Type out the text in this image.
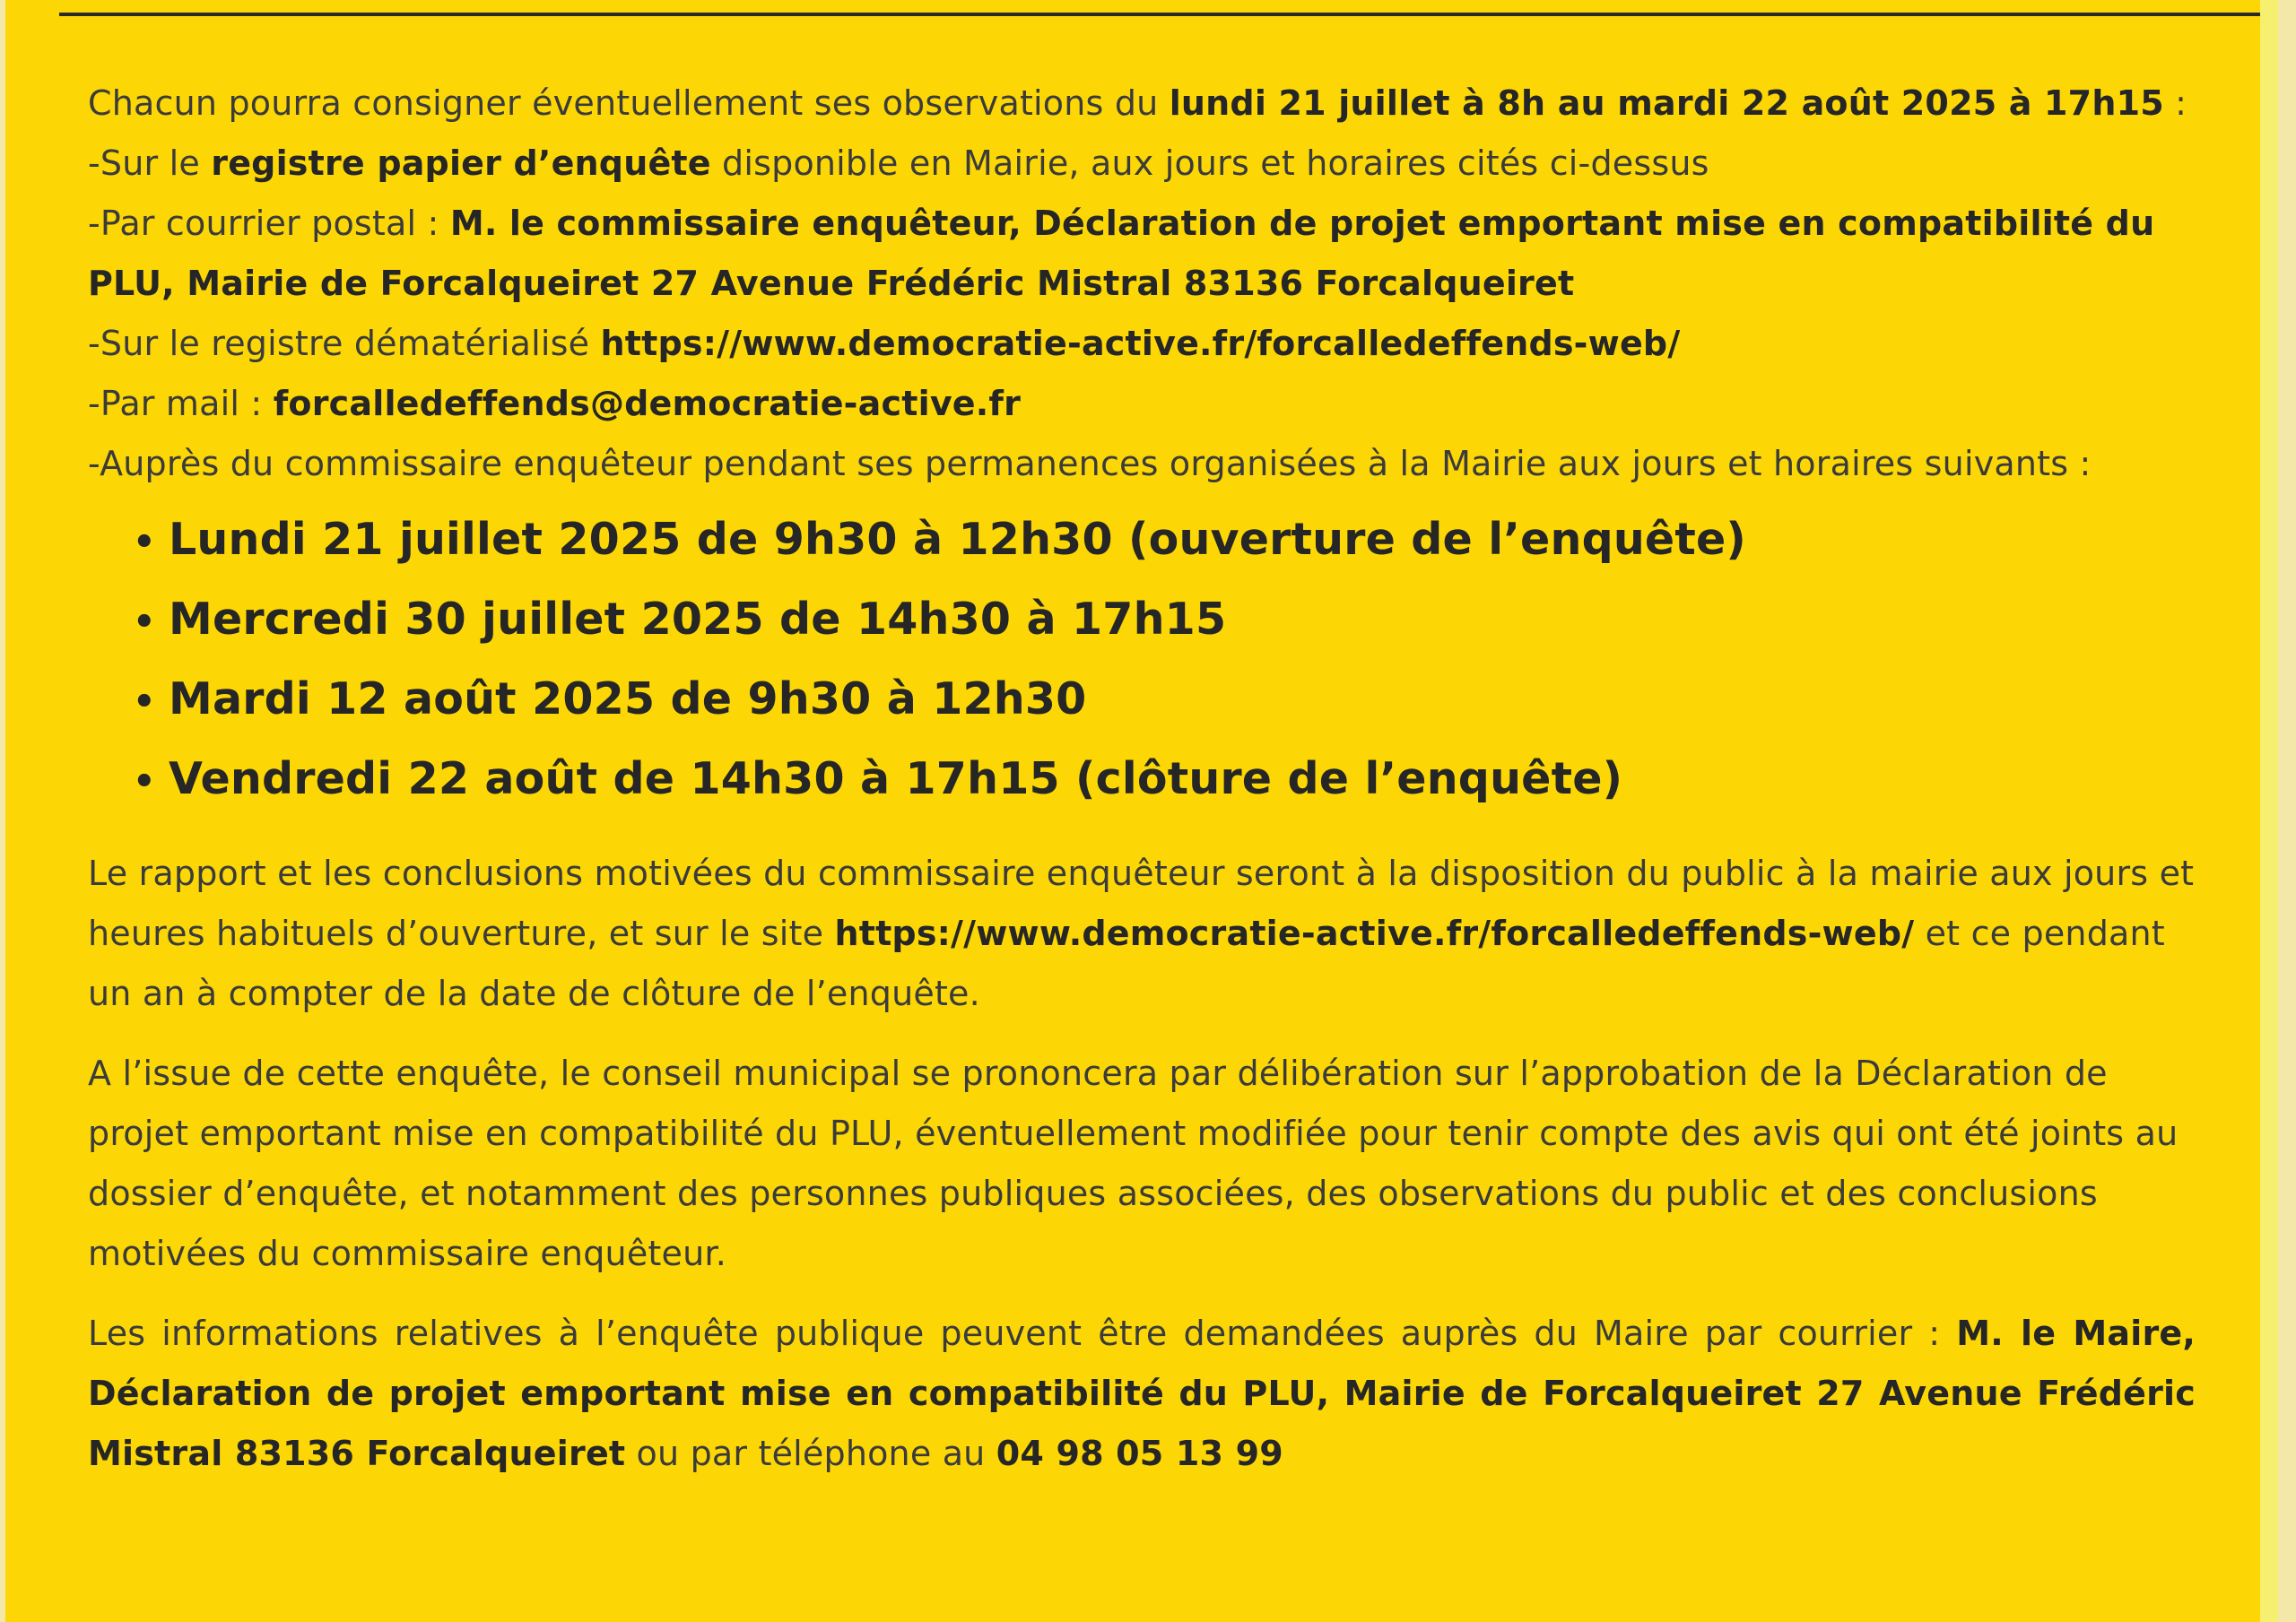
Chacun pourra consigner éventuellement ses observations du lundi 21 juillet à 8h au mardi 22 août 2025 à 17h15 :
-Sur le registre papier d’enquête disponible en Mairie, aux jours et horaires cités ci-dessus
-Par courrier postal : M. le commissaire enquêteur, Déclaration de projet emportant mise en compatibilité du PLU, Mairie de Forcalqueiret 27 Avenue Frédéric Mistral 83136 Forcalqueiret
-Sur le registre dématérialisé https://www.democratie-active.fr/forcalledeffends-web/
-Par mail : forcalledeffends@democratie-active.fr
-Auprès du commissaire enquêteur pendant ses permanences organisées à la Mairie aux jours et horaires suivants :
• Lundi 21 juillet 2025 de 9h30 à 12h30 (ouverture de l’enquête)
• Mercredi 30 juillet 2025 de 14h30 à 17h15
• Mardi 12 août 2025 de 9h30 à 12h30
• Vendredi 22 août de 14h30 à 17h15 (clôture de l’enquête)

Le rapport et les conclusions motivées du commissaire enquêteur seront à la disposition du public à la mairie aux jours et heures habituels d’ouverture, et sur le site https://www.democratie-active.fr/forcalledeffends-web/ et ce pendant un an à compter de la date de clôture de l’enquête.

A l’issue de cette enquête, le conseil municipal se prononcera par délibération sur l’approbation de la Déclaration de projet emportant mise en compatibilité du PLU, éventuellement modifiée pour tenir compte des avis qui ont été joints au dossier d’enquête, et notamment des personnes publiques associées, des observations du public et des conclusions motivées du commissaire enquêteur.

Les informations relatives à l’enquête publique peuvent être demandées auprès du Maire par courrier : M. le Maire, Déclaration de projet emportant mise en compatibilité du PLU, Mairie de Forcalqueiret 27 Avenue Frédéric Mistral 83136 Forcalqueiret ou par téléphone au 04 98 05 13 99
